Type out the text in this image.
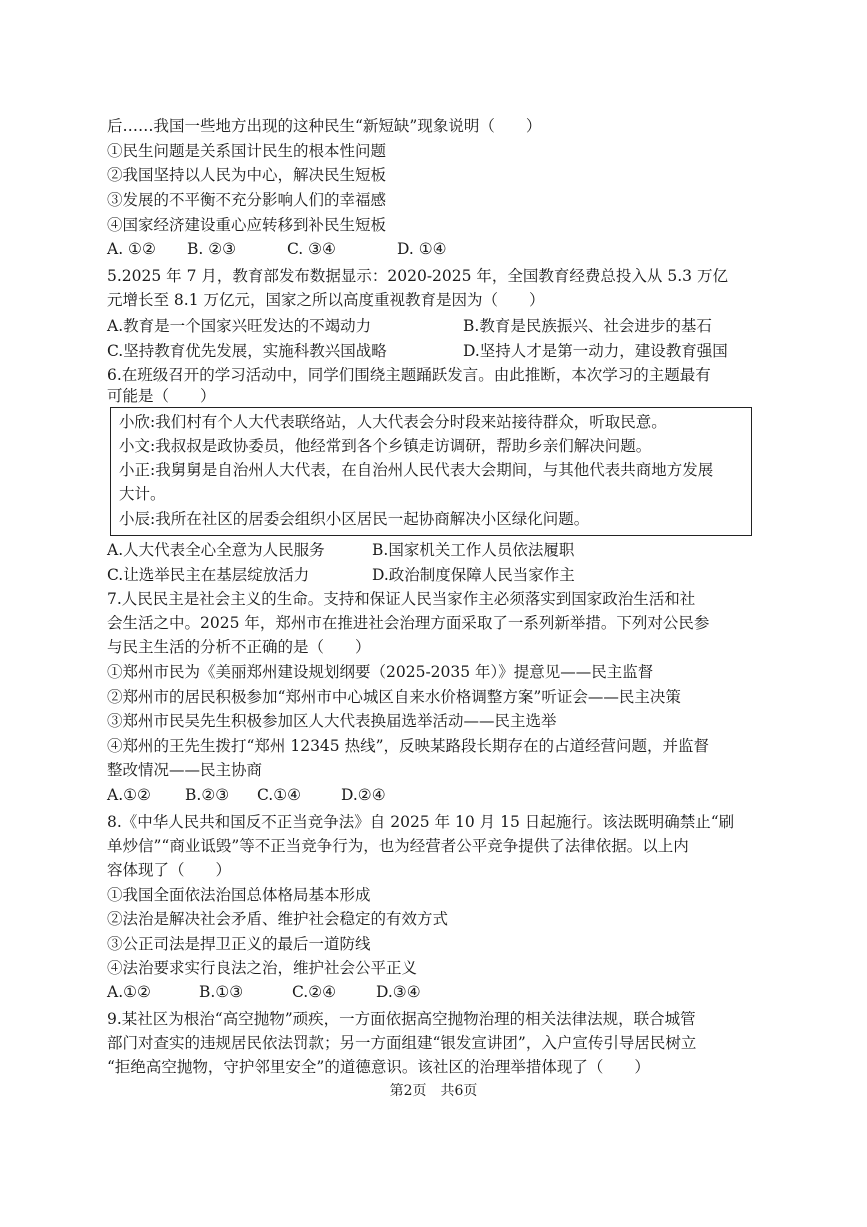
后……我国一些地方出现的这种民生“新短缺”现象说明（　　）
①民生问题是关系国计民生的根本性问题
②我国坚持以人民为中心，解决民生短板
③发展的不平衡不充分影响人们的幸福感
④国家经济建设重心应转移到补民生短板
A. ①② B. ②③	C. ③④	D. ①④
5.2025 年 7 月，教育部发布数据显示：2020-2025 年，全国教育经费总投入从 5.3 万亿
元增长至 8.1 万亿元，国家之所以高度重视教育是因为（　　）
A.教育是一个国家兴旺发达的不竭动力	B.教育是民族振兴、社会进步的基石
C.坚持教育优先发展，实施科教兴国战略	D.坚持人才是第一动力，建设教育强国
6.在班级召开的学习活动中，同学们围绕主题踊跃发言。由此推断，本次学习的主题最有
可能是（　　）
小欣:我们村有个人大代表联络站，人大代表会分时段来站接待群众，听取民意。
小文:我叔叔是政协委员，他经常到各个乡镇走访调研，帮助乡亲们解决问题。
小正:我舅舅是自治州人大代表，在自治州人民代表大会期间，与其他代表共商地方发展
大计。
小辰:我所在社区的居委会组织小区居民一起协商解决小区绿化问题。
A.人大代表全心全意为人民服务	B.国家机关工作人员依法履职
C.让选举民主在基层绽放活力	D.政治制度保障人民当家作主
7.人民民主是社会主义的生命。支持和保证人民当家作主必须落实到国家政治生活和社
会生活之中。2025 年，郑州市在推进社会治理方面采取了一系列新举措。下列对公民参
与民主生活的分析不正确的是（　　）
①郑州市民为《美丽郑州建设规划纲要（2025-2035 年）》提意见——民主监督
②郑州市的居民积极参加“郑州市中心城区自来水价格调整方案”听证会——民主决策
③郑州市民吴先生积极参加区人大代表换届选举活动——民主选举
④郑州的王先生拨打“郑州 12345 热线”，反映某路段长期存在的占道经营问题，并监督
整改情况——民主协商
A.①② B.②③ C.①④	D.②④
8.《中华人民共和国反不正当竞争法》自 2025 年 10 月 15 日起施行。该法既明确禁止“刷
单炒信”“商业诋毁”等不正当竞争行为，也为经营者公平竞争提供了法律依据。以上内
容体现了（　　）
①我国全面依法治国总体格局基本形成
②法治是解决社会矛盾、维护社会稳定的有效方式
③公正司法是捍卫正义的最后一道防线
④法治要求实行良法之治，维护社会公平正义
A.①②	B.①③	C.②④	D.③④
9.某社区为根治“高空抛物”顽疾，一方面依据高空抛物治理的相关法律法规，联合城管
部门对查实的违规居民依法罚款；另一方面组建“银发宣讲团”，入户宣传引导居民树立
“拒绝高空抛物，守护邻里安全”的道德意识。该社区的治理举措体现了（　　）
第2页　共6页
